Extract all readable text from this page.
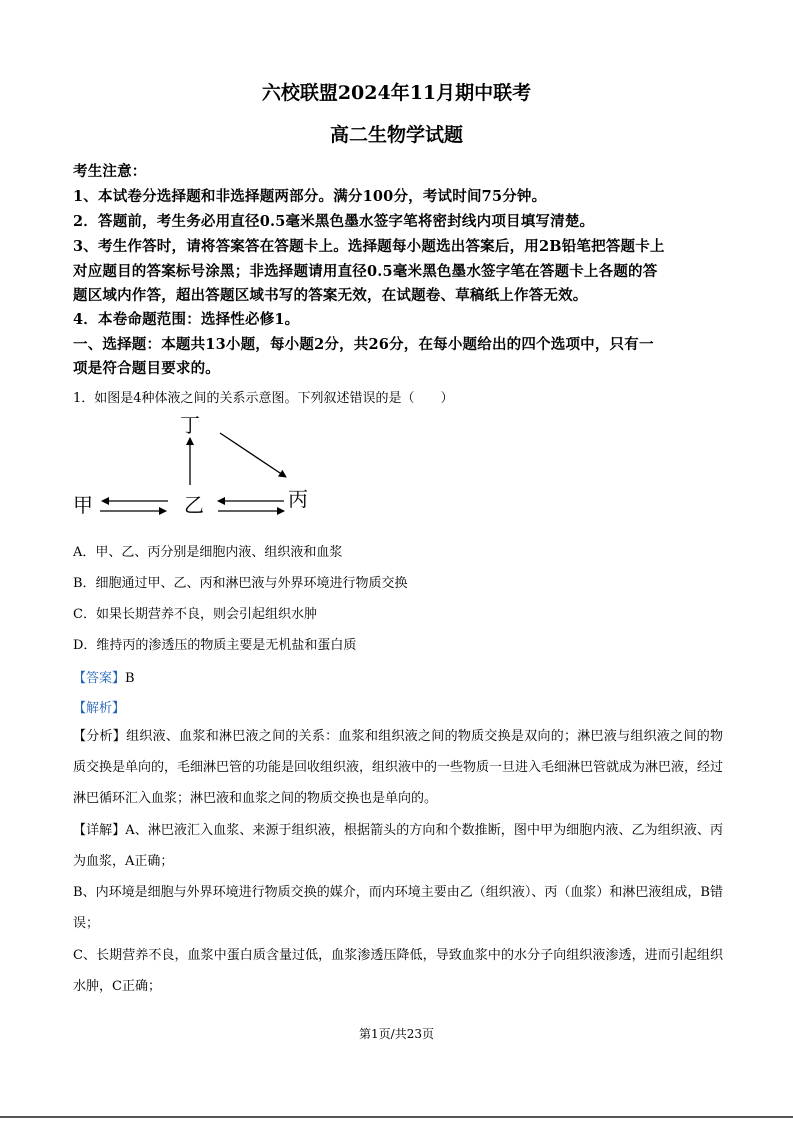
六校联盟2024年11月期中联考
高二生物学试题
考生注意：
1、本试卷分选择题和非选择题两部分。满分100分，考试时间75分钟。
2．答题前，考生务必用直径0.5毫米黑色墨水签字笔将密封线内项目填写清楚。
3、考生作答时，请将答案答在答题卡上。选择题每小题选出答案后，用2B铅笔把答题卡上
对应题目的答案标号涂黑；非选择题请用直径0.5毫米黑色墨水签字笔在答题卡上各题的答
题区域内作答，超出答题区域书写的答案无效，在试题卷、草稿纸上作答无效。
4．本卷命题范围：选择性必修1。
一、选择题：本题共13小题，每小题2分，共26分，在每小题给出的四个选项中，只有一
项是符合题目要求的。
1．如图是4种体液之间的关系示意图。下列叙述错误的是（　　）
丁
甲	乙	丙
A．甲、乙、丙分别是细胞内液、组织液和血浆
B．细胞通过甲、乙、丙和淋巴液与外界环境进行物质交换
C．如果长期营养不良，则会引起组织水肿
D．维持丙的渗透压的物质主要是无机盐和蛋白质
【答案】B
【解析】
【分析】组织液、血浆和淋巴液之间的关系：血浆和组织液之间的物质交换是双向的；淋巴液与组织液之间的物质交换是单向的，毛细淋巴管的功能是回收组织液，组织液中的一些物质一旦进入毛细淋巴管就成为淋巴液，经过淋巴循环汇入血浆；淋巴液和血浆之间的物质交换也是单向的。
【详解】A、淋巴液汇入血浆、来源于组织液，根据箭头的方向和个数推断，图中甲为细胞内液、乙为组织液、丙为血浆，A正确；
B、内环境是细胞与外界环境进行物质交换的媒介，而内环境主要由乙（组织液）、丙（血浆）和淋巴液组成，B错误；
C、长期营养不良，血浆中蛋白质含量过低，血浆渗透压降低，导致血浆中的水分子向组织液渗透，进而引起组织水肿，C正确；
第1页/共23页
